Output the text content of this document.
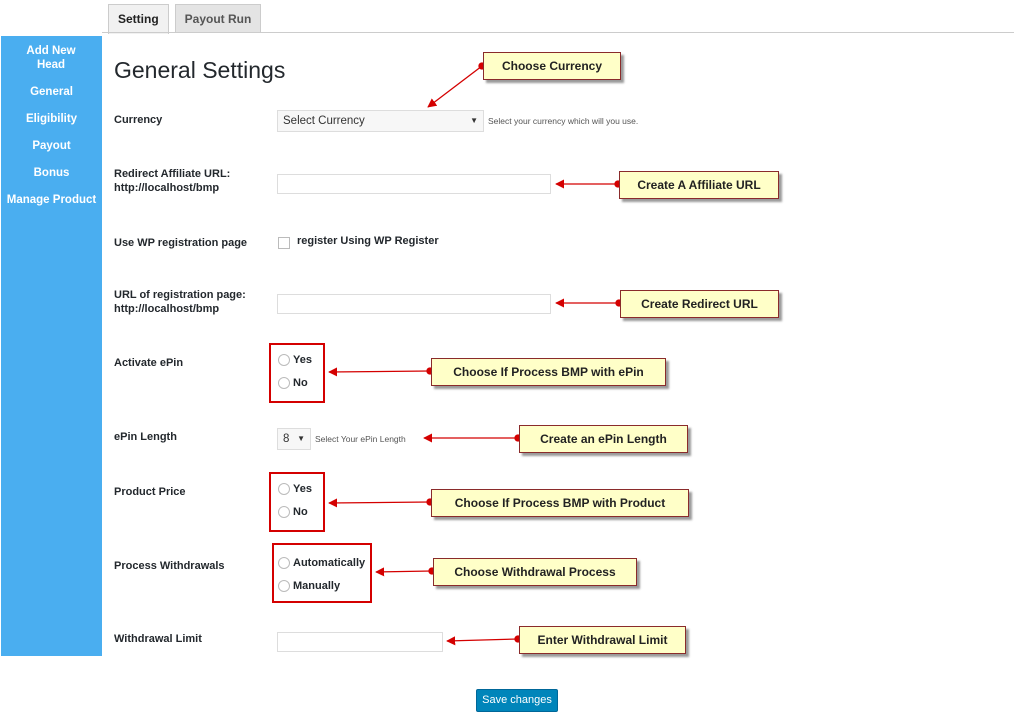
Setting	Payout Run
Add New Head
General
Eligibility
Payout
Bonus
Manage Product
General Settings
Currency	Select Currency	▼ Select your currency which will you use.
Redirect Affiliate URL:
http://localhost/bmp
Use WP registration page	register Using WP Register
URL of registration page:
http://localhost/bmp
Activate ePin	Yes
No
ePin Length	8 ▼ Select Your ePin Length
Product Price	Yes
No
Process Withdrawals	Automatically
Manually
Withdrawal Limit
Choose Currency
Create A Affiliate URL
Create Redirect URL
Choose If Process BMP with ePin
Create an ePin Length
Choose If Process BMP with Product
Choose Withdrawal Process
Enter Withdrawal Limit
Save changes
